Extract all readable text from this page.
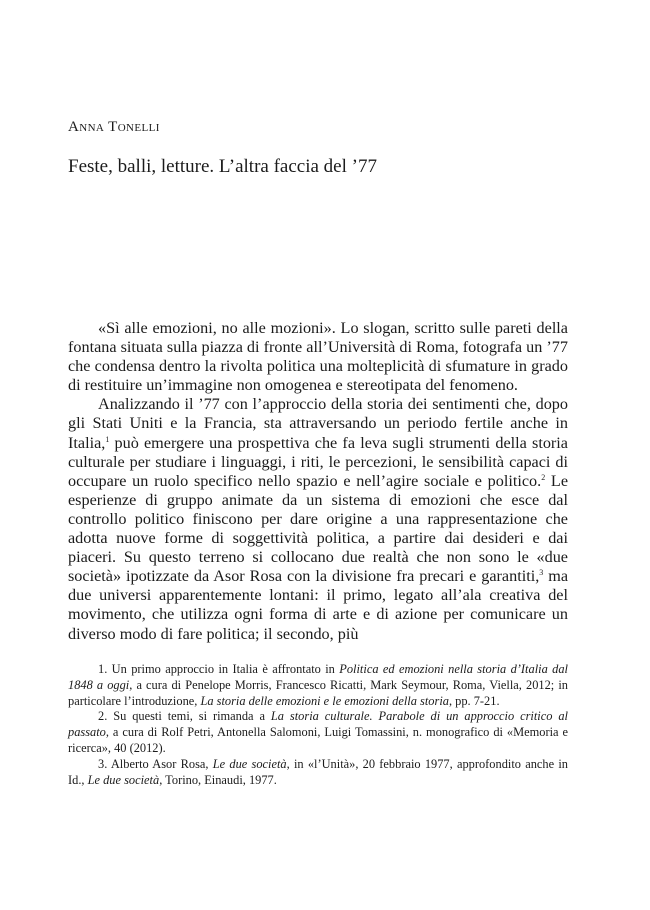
Anna Tonelli
Feste, balli, letture. L’altra faccia del ’77

«Sì alle emozioni, no alle mozioni». Lo slogan, scritto sulle pareti della fontana situata sulla piazza di fronte all’Università di Roma, fotografa un ’77 che condensa dentro la rivolta politica una molteplicità di sfumature in grado di restituire un’immagine non omogenea e stereotipata del fenomeno.

Analizzando il ’77 con l’approccio della storia dei sentimenti che, dopo gli Stati Uniti e la Francia, sta attraversando un periodo fertile anche in Italia,$^1$ può emergere una prospettiva che fa leva sugli strumenti della storia culturale per studiare i linguaggi, i riti, le percezioni, le sensibilità capaci di occupare un ruolo specifico nello spazio e nell’agire sociale e politico.$^2$ Le esperienze di gruppo animate da un sistema di emozioni che esce dal controllo politico finiscono per dare origine a una rappresentazione che adotta nuove forme di soggettività politica, a partire dai desideri e dai piaceri. Su questo terreno si collocano due realtà che non sono le «due società» ipotizzate da Asor Rosa con la divisione fra precari e garantiti,$^3$ ma due universi apparentemente lontani: il primo, legato all’ala creativa del movimento, che utilizza ogni forma di arte e di azione per comunicare un diverso modo di fare politica; il secondo, più

1. Un primo approccio in Italia è affrontato in Politica ed emozioni nella storia d’Italia dal 1848 a oggi, a cura di Penelope Morris, Francesco Ricatti, Mark Seymour, Roma, Viella, 2012; in particolare l’introduzione, La storia delle emozioni e le emozioni della storia, pp. 7-21.

2. Su questi temi, si rimanda a La storia culturale. Parabole di un approccio critico al passato, a cura di Rolf Petri, Antonella Salomoni, Luigi Tomassini, n. monografico di «Memoria e ricerca», 40 (2012).

3. Alberto Asor Rosa, Le due società, in «l’Unità», 20 febbraio 1977, approfondito anche in Id., Le due società, Torino, Einaudi, 1977.
